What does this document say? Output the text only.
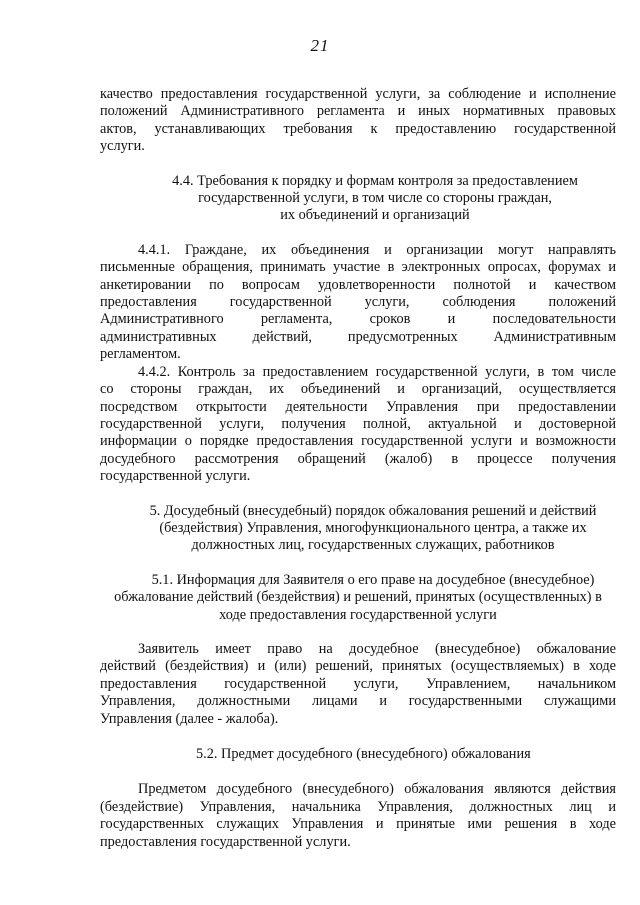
21
качество предоставления государственной услуги, за соблюдение и исполнение
положений Административного регламента и иных нормативных правовых
актов, устанавливающих требования к предоставлению государственной
услуги.
4.4. Требования к порядку и формам контроля за предоставлением
государственной услуги, в том числе со стороны граждан,
их объединений и организаций
4.4.1. Граждане, их объединения и организации могут направлять
письменные обращения, принимать участие в электронных опросах, форумах и
анкетировании по вопросам удовлетворенности полнотой и качеством
предоставления государственной услуги, соблюдения положений
Административного регламента, сроков и последовательности
административных действий, предусмотренных Административным
регламентом.
4.4.2. Контроль за предоставлением государственной услуги, в том числе
со стороны граждан, их объединений и организаций, осуществляется
посредством открытости деятельности Управления при предоставлении
государственной услуги, получения полной, актуальной и достоверной
информации о порядке предоставления государственной услуги и возможности
досудебного рассмотрения обращений (жалоб) в процессе получения
государственной услуги.
5. Досудебный (внесудебный) порядок обжалования решений и действий
(бездействия) Управления, многофункционального центра, а также их
должностных лиц, государственных служащих, работников
5.1. Информация для Заявителя о его праве на досудебное (внесудебное)
обжалование действий (бездействия) и решений, принятых (осуществленных) в
ходе предоставления государственной услуги
Заявитель имеет право на досудебное (внесудебное) обжалование
действий (бездействия) и (или) решений, принятых (осуществляемых) в ходе
предоставления государственной услуги, Управлением, начальником
Управления, должностными лицами и государственными служащими
Управления (далее - жалоба).
5.2. Предмет досудебного (внесудебного) обжалования
Предметом досудебного (внесудебного) обжалования являются действия
(бездействие) Управления, начальника Управления, должностных лиц и
государственных служащих Управления и принятые ими решения в ходе
предоставления государственной услуги.
